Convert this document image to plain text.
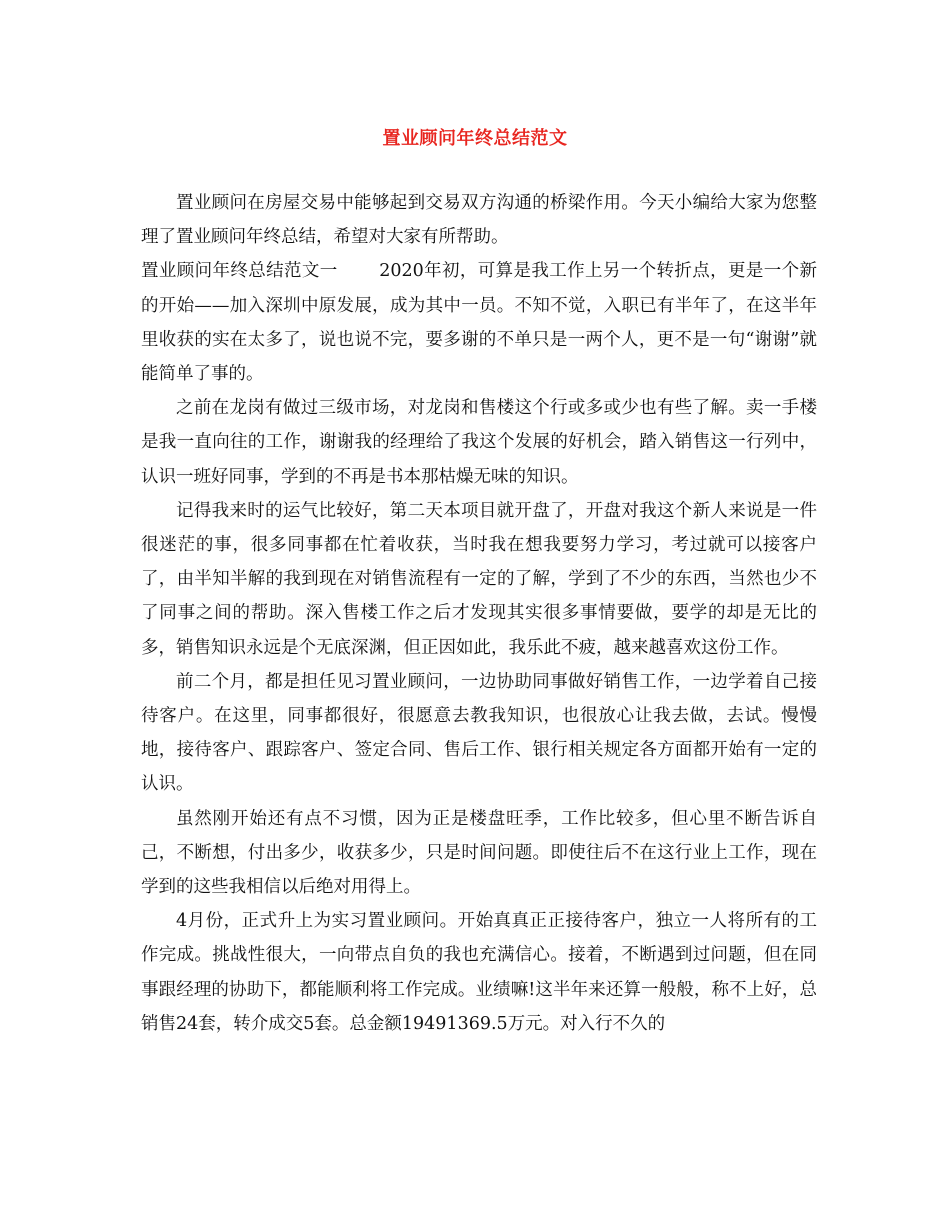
置业顾问年终总结范文

置业顾问在房屋交易中能够起到交易双方沟通的桥梁作用。今天小编给大家为您整理了置业顾问年终总结，希望对大家有所帮助。

置业顾问年终总结范文一　　 2020年初，可算是我工作上另一个转折点，更是一个新的开始——加入深圳中原发展，成为其中一员。不知不觉，入职已有半年了，在这半年里收获的实在太多了，说也说不完，要多谢的不单只是一两个人，更不是一句“谢谢”就能简单了事的。

之前在龙岗有做过三级市场，对龙岗和售楼这个行或多或少也有些了解。卖一手楼是我一直向往的工作，谢谢我的经理给了我这个发展的好机会，踏入销售这一行列中，认识一班好同事，学到的不再是书本那枯燥无味的知识。

记得我来时的运气比较好，第二天本项目就开盘了，开盘对我这个新人来说是一件很迷茫的事，很多同事都在忙着收获，当时我在想我要努力学习，考过就可以接客户了，由半知半解的我到现在对销售流程有一定的了解，学到了不少的东西，当然也少不了同事之间的帮助。深入售楼工作之后才发现其实很多事情要做，要学的却是无比的多，销售知识永远是个无底深渊，但正因如此，我乐此不疲，越来越喜欢这份工作。

前二个月，都是担任见习置业顾问，一边协助同事做好销售工作，一边学着自己接待客户。在这里，同事都很好，很愿意去教我知识，也很放心让我去做，去试。慢慢地，接待客户、跟踪客户、签定合同、售后工作、银行相关规定各方面都开始有一定的认识。

虽然刚开始还有点不习惯，因为正是楼盘旺季，工作比较多，但心里不断告诉自己，不断想，付出多少，收获多少，只是时间问题。即使往后不在这行业上工作，现在学到的这些我相信以后绝对用得上。

4月份，正式升上为实习置业顾问。开始真真正正接待客户，独立一人将所有的工作完成。挑战性很大，一向带点自负的我也充满信心。接着，不断遇到过问题，但在同事跟经理的协助下，都能顺利将工作完成。业绩嘛!这半年来还算一般般，称不上好，总销售24套，转介成交5套。总金额19491369.5万元。对入行不久的
